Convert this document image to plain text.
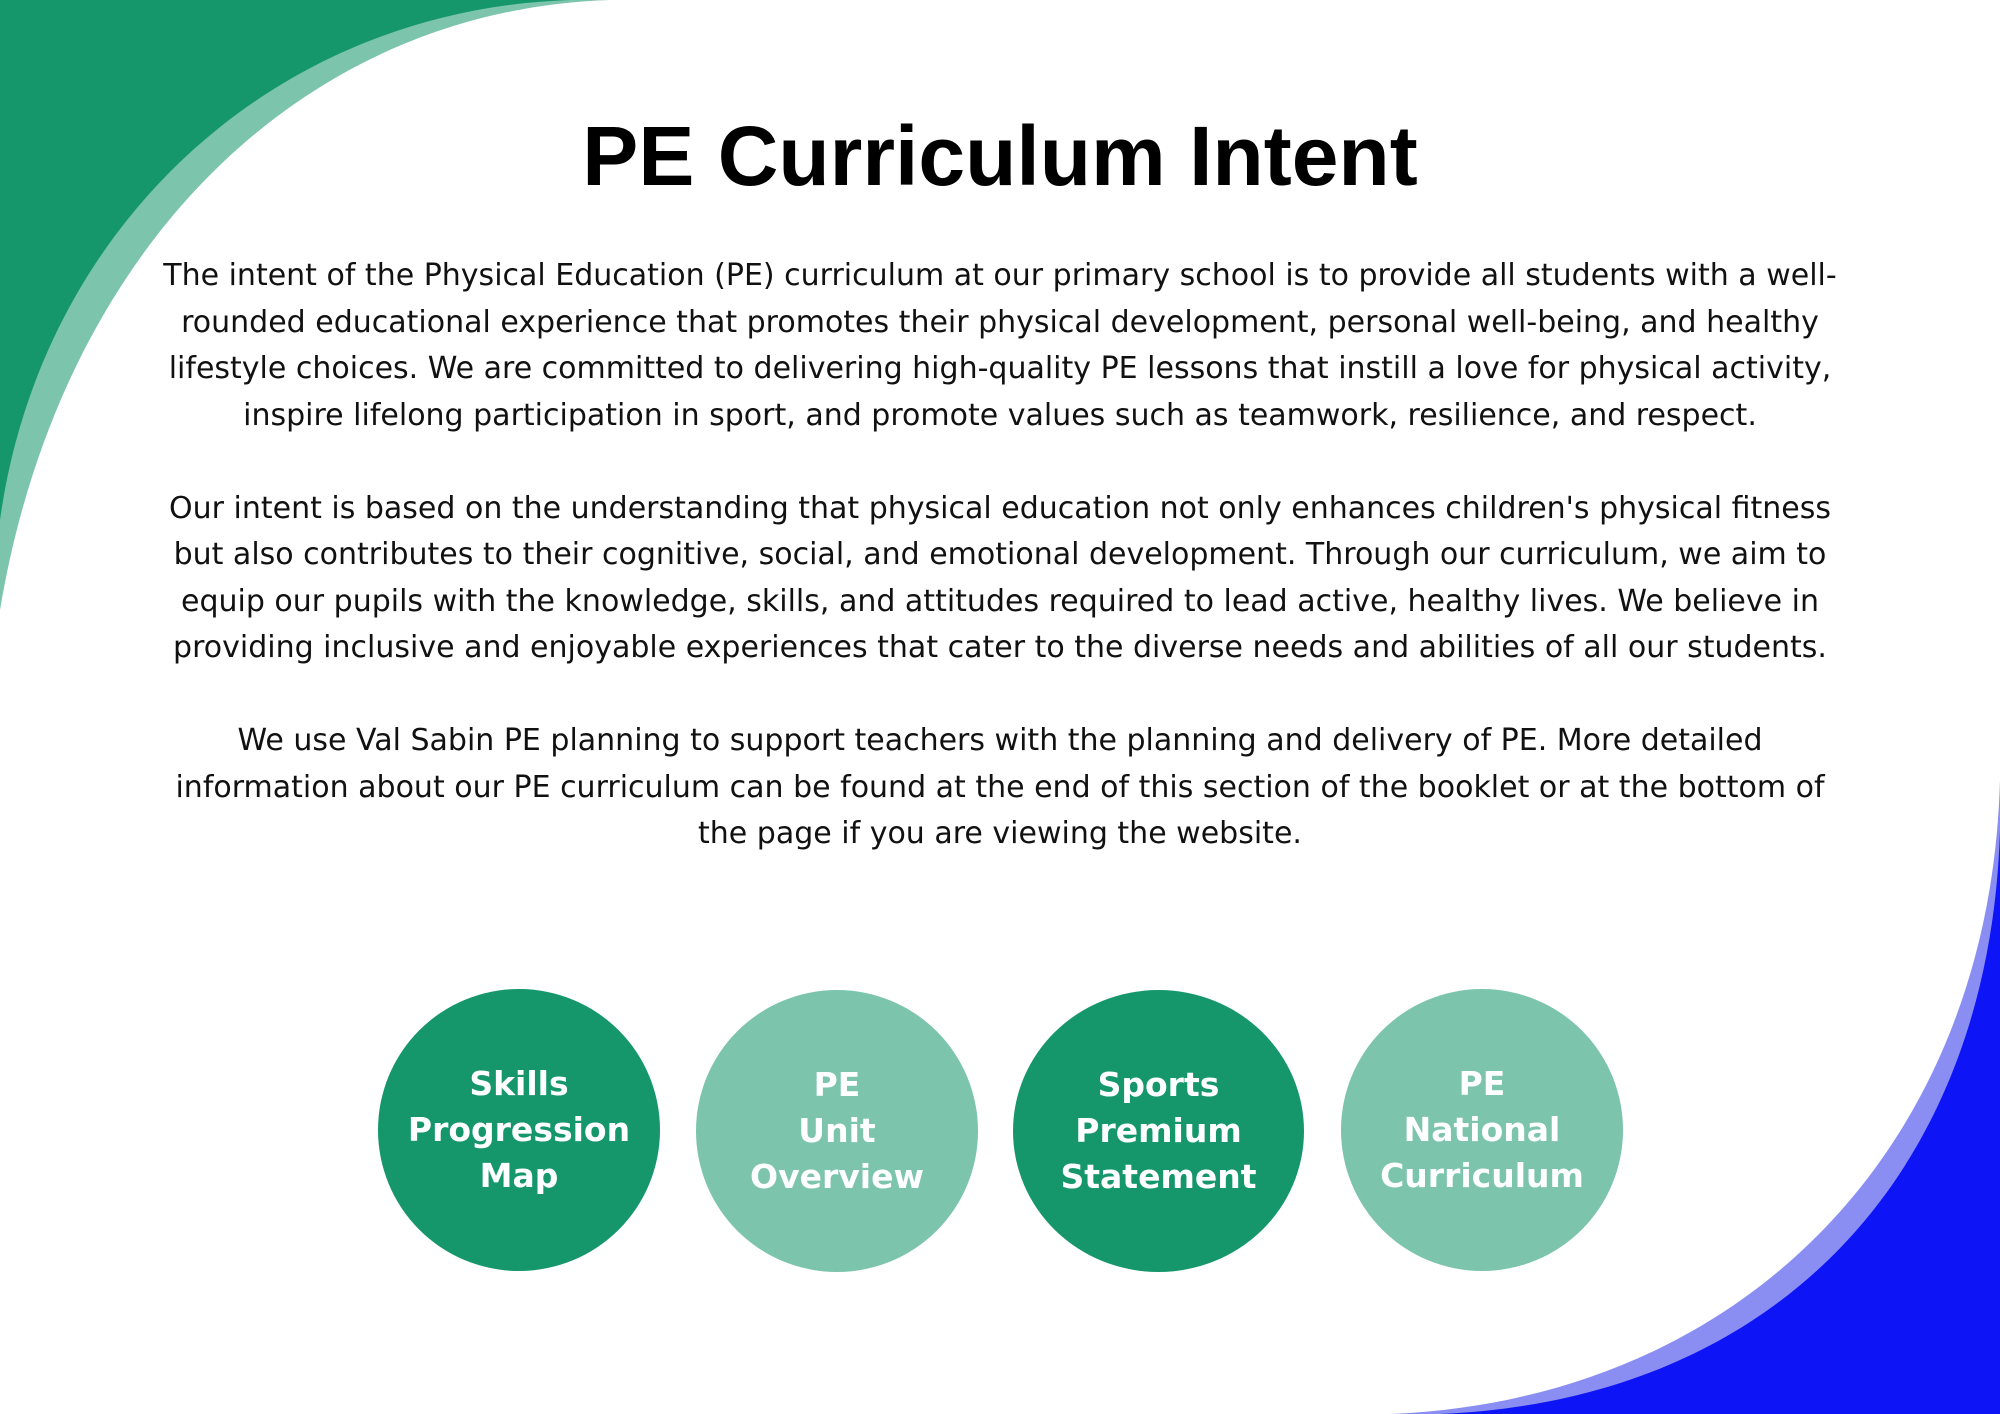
PE Curriculum Intent

The intent of the Physical Education (PE) curriculum at our primary school is to provide all students with a well-rounded educational experience that promotes their physical development, personal well-being, and healthy lifestyle choices. We are committed to delivering high-quality PE lessons that instill a love for physical activity, inspire lifelong participation in sport, and promote values such as teamwork, resilience, and respect.

Our intent is based on the understanding that physical education not only enhances children's physical fitness but also contributes to their cognitive, social, and emotional development. Through our curriculum, we aim to equip our pupils with the knowledge, skills, and attitudes required to lead active, healthy lives. We believe in providing inclusive and enjoyable experiences that cater to the diverse needs and abilities of all our students.

We use Val Sabin PE planning to support teachers with the planning and delivery of PE. More detailed information about our PE curriculum can be found at the end of this section of the booklet or at the bottom of the page if you are viewing the website.

Skills
Progression
Map
PE
Unit
Overview
Sports
Premium
Statement
PE
National
Curriculum
